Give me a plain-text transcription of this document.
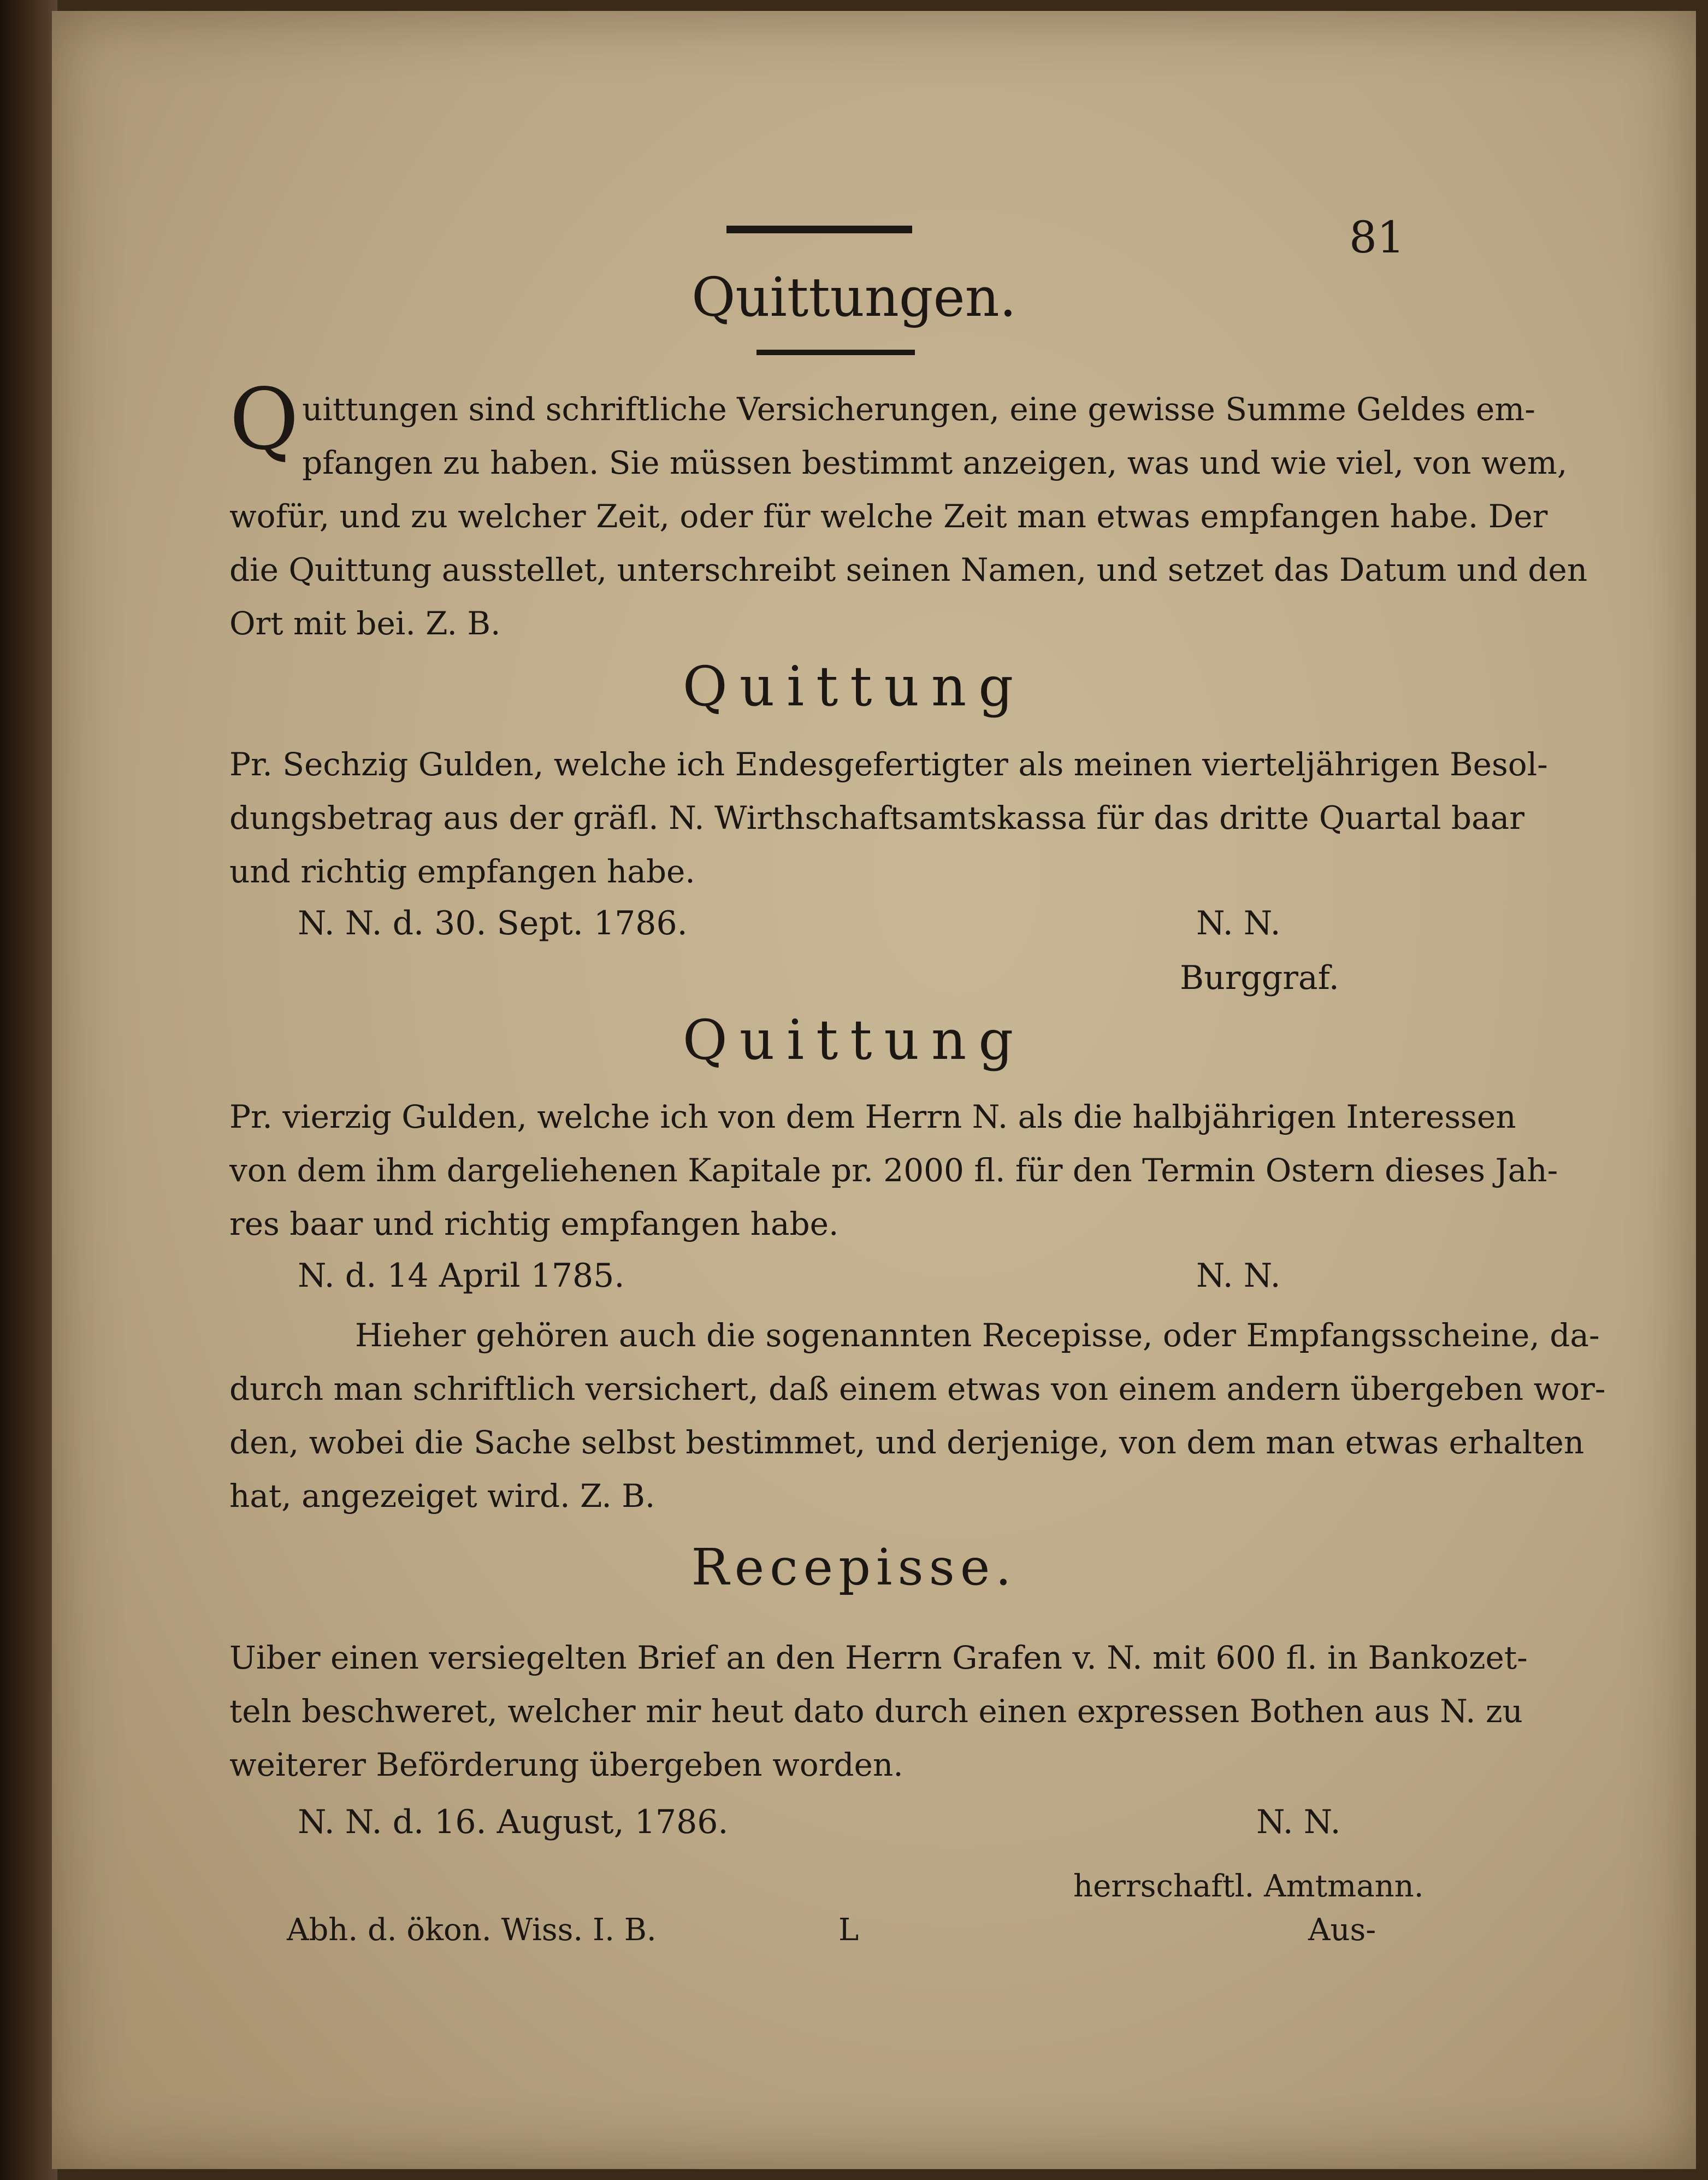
81
Quittungen.
Q uittungen sind schriftliche Versicherungen, eine gewisse Summe Geldes em-
pfangen zu haben. Sie müssen bestimmt anzeigen, was und wie viel, von wem,
wofür, und zu welcher Zeit, oder für welche Zeit man etwas empfangen habe. Der
die Quittung ausstellet, unterschreibt seinen Namen, und setzet das Datum und den
Ort mit bei. Z. B.
Quittung
Pr. Sechzig Gulden, welche ich Endesgefertigter als meinen vierteljährigen Besol-
dungsbetrag aus der gräfl. N. Wirthschaftsamtskassa für das dritte Quartal baar
und richtig empfangen habe.
N. N. d. 30. Sept. 1786.	N. N.
Burggraf.
Quittung
Pr. vierzig Gulden, welche ich von dem Herrn N. als die halbjährigen Interessen
von dem ihm dargeliehenen Kapitale pr. 2000 fl. für den Termin Ostern dieses Jah-
res baar und richtig empfangen habe.
N. d. 14 April 1785.	N. N.
Hieher gehören auch die sogenannten Recepisse, oder Empfangsscheine, da-
durch man schriftlich versichert, daß einem etwas von einem andern übergeben wor-
den, wobei die Sache selbst bestimmet, und derjenige, von dem man etwas erhalten
hat, angezeiget wird. Z. B.
Recepisse.
Uiber einen versiegelten Brief an den Herrn Grafen v. N. mit 600 fl. in Bankozet-
teln beschweret, welcher mir heut dato durch einen expressen Bothen aus N. zu
weiterer Beförderung übergeben worden.
N. N. d. 16. August, 1786.	N. N.
herrschaftl. Amtmann.
Abh. d. ökon. Wiss. I. B.	L	Aus-
